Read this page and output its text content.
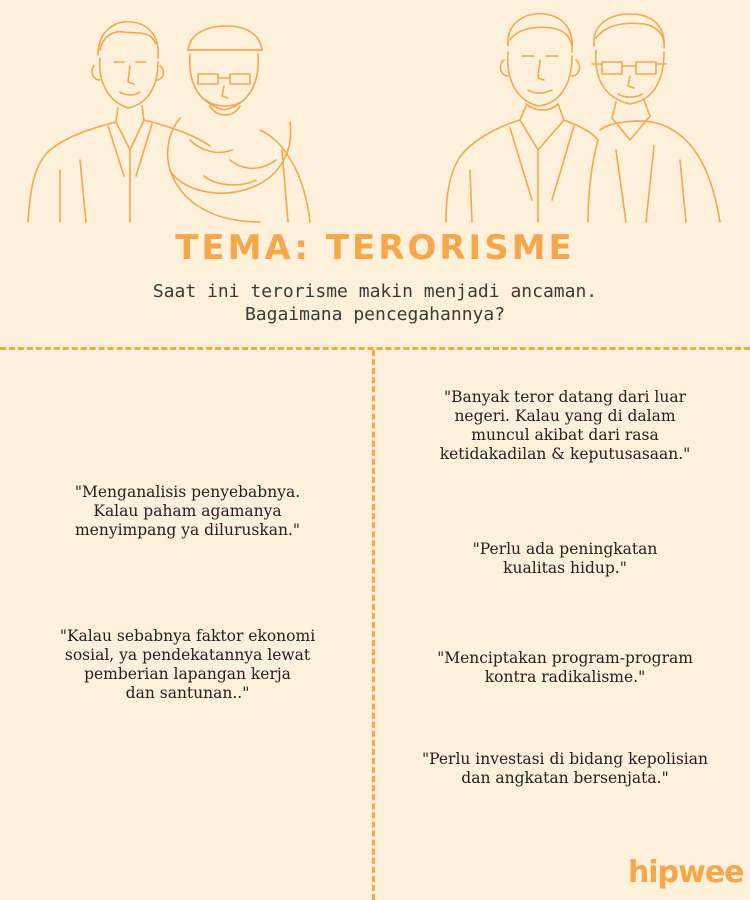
TEMA: TERORISME
Saat ini terorisme makin menjadi ancaman.
Bagaimana pencegahannya?
"Menganalisis penyebabnya.
Kalau paham agamanya
menyimpang ya diluruskan."
"Kalau sebabnya faktor ekonomi
sosial, ya pendekatannya lewat
pemberian lapangan kerja
dan santunan.."
"Banyak teror datang dari luar
negeri. Kalau yang di dalam
muncul akibat dari rasa
ketidakadilan & keputusasaan."
"Perlu ada peningkatan
kualitas hidup."
"Menciptakan program-program
kontra radikalisme."
"Perlu investasi di bidang kepolisian
dan angkatan bersenjata."
hipwee
